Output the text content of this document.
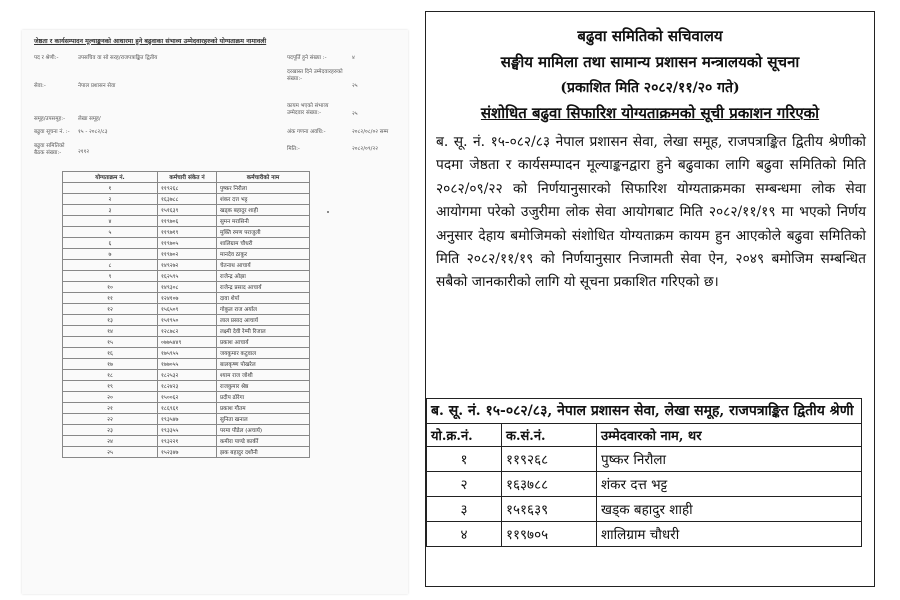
जेष्ठता र कार्यसम्पादन मूल्याङ्कनको आधारमा हुने बढुवाका संभाव्य उम्मेदवारहरुको योग्यताक्रम नामावली
पद र श्रेणी:-	उपसचिव वा सो सरह/राजपत्राङ्कित द्वितीय	पदपूर्ति हुने संख्या :-	४
सेवा:-	नेपाल प्रशासन सेवा
दरखास्त दिने उम्मेदवारहरुको संख्या:-
२५
कायम भएको संभाव्य उम्मेदवार संख्या:-	२५
समूह/उपसमूह:- लेखा समूह/
बढुवा सूचना नं. :- १५ - २०८२/८३	अंक गणना अवधि:-	२०८२/०८/०२ सम्म
बढुवा समितिको बैठक संख्या:-	२११२	मिति:-	२०८२/०९/२२
योग्यताक्रम नं.	कर्मचारी संकेत नं	कर्मचारीको नाम
१	११९२६८	पुष्कर निरौला
२	१६३७८८	शंकर दत्त भट्ट
३	१५१६३९	खड्क बहादुर शाही
४	११९७०६	सुमन मरासिनी
५	११९७१९	मुक्ति रमण पराजुली
६	११९७०५	शालिग्राम चौधरी
७	११९७०२	मानदेव ठाकुर
८	१४९२७२	चेतनाथ आचार्य
९	१६२५९५	राजेन्द्र ओझा
१०	१४९३०८	राजेन्द्र प्रसाद आचार्य
११	१२४१०७	दावा शेर्पा
१२	१५६५०९	गोकुल राज अर्याल
१३	१५१९५०	लाल प्रसाद आचार्य
१४	१२८७८२	लक्ष्मी देवी रेग्मी रिजाल
१५	०७७५४४९	प्रकाश आचार्य
१६	१७५९५५	जयकुमार कटुवाल
१७	१७७०५५	बालकृष्ण पोखरेल
१८	१८२५३२	श्याम राज जोशी
१९	१८२४२३	राजकुमार श्रेष्ठ
२०	१५००६२	प्रदीप ढोरेगा
२१	१८६९६१	प्रकाश गौतम
२२	१९३५४७	सुनिता खनाल
२३	१९३३५५	परमा पौडेल (अचार्य)
२४	१९३२२१	कमीरा पाण्डे कार्की
२५	१५२३४७	झक बहादुर दशौनी
बढुवा समितिको सचिवालय
सङ्घीय मामिला तथा सामान्य प्रशासन मन्त्रालयको सूचना
(प्रकाशित मिति २०८२/११/२० गते)
संशोधित बढुवा सिफारिश योग्यताक्रमको सूची प्रकाशन गरिएको
ब. सू. नं. १५-०८२/८३ नेपाल प्रशासन सेवा, लेखा समूह, राजपत्राङ्कित द्वितीय श्रेणीको पदमा जेष्ठता र कार्यसम्पादन मूल्याङ्कनद्वारा हुने बढुवाका लागि बढुवा समितिको मिति २०८२/०९/२२ को निर्णयानुसारको सिफारिश योग्यताक्रमका सम्बन्धमा लोक सेवा आयोगमा परेको उजुरीमा लोक सेवा आयोगबाट मिति २०८२/११/१९ मा भएको निर्णय अनुसार देहाय बमोजिमको संशोधित योग्यताक्रम कायम हुन आएकोले बढुवा समितिको मिति २०८२/११/१९ को निर्णयानुसार निजामती सेवा ऐन, २०४९ बमोजिम सम्बन्धित सबैको जानकारीको लागि यो सूचना प्रकाशित गरिएको छ।
ब. सू. नं. १५-०८२/८३, नेपाल प्रशासन सेवा, लेखा समूह, राजपत्राङ्कित द्वितीय श्रेणी		
यो.क्र.नं.	क.सं.नं.	उम्मेदवारको नाम, थर
१	११९२६८	पुष्कर निरौला
२	१६३७८८	शंकर दत्त भट्ट
३	१५१६३९	खड्क बहादुर शाही
४	११९७०५	शालिग्राम चौधरी
